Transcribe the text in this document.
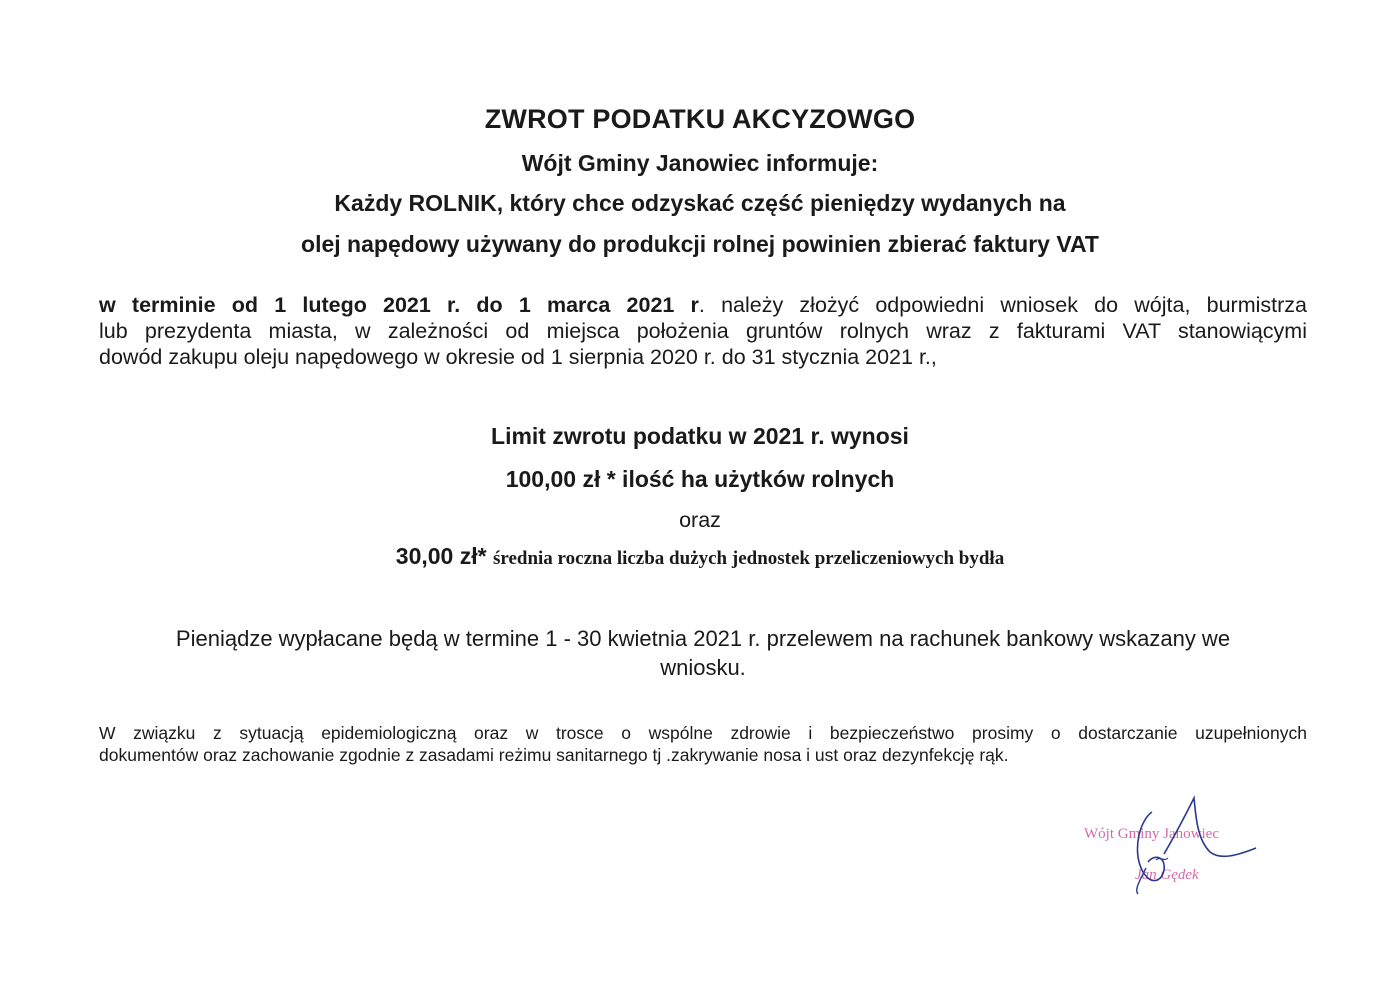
ZWROT PODATKU AKCYZOWGO
Wójt Gminy Janowiec informuje:
Każdy ROLNIK, który chce odzyskać część pieniędzy wydanych na
olej napędowy używany do produkcji rolnej powinien zbierać faktury VAT
w terminie od 1 lutego 2021 r. do 1 marca 2021 r. należy złożyć odpowiedni wniosek do wójta, burmistrza
lub prezydenta miasta, w zależności od miejsca położenia gruntów rolnych wraz z fakturami VAT stanowiącymi
dowód zakupu oleju napędowego w okresie od 1 sierpnia 2020 r. do 31 stycznia 2021 r.,
Limit zwrotu podatku w 2021 r. wynosi
100,00 zł * ilość ha użytków rolnych
oraz
30,00 zł* średnia roczna liczba dużych jednostek przeliczeniowych bydła
Pieniądze wypłacane będą w termine 1 - 30 kwietnia 2021 r. przelewem na rachunek bankowy wskazany we
wniosku.
W związku z sytuacją epidemiologiczną oraz w trosce o wspólne zdrowie i bezpieczeństwo prosimy o dostarczanie uzupełnionych
dokumentów oraz zachowanie zgodnie z zasadami reżimu sanitarnego tj .zakrywanie nosa i ust oraz dezynfekcję rąk.
Wójt Gminy Janowiec
Jan Gędek
